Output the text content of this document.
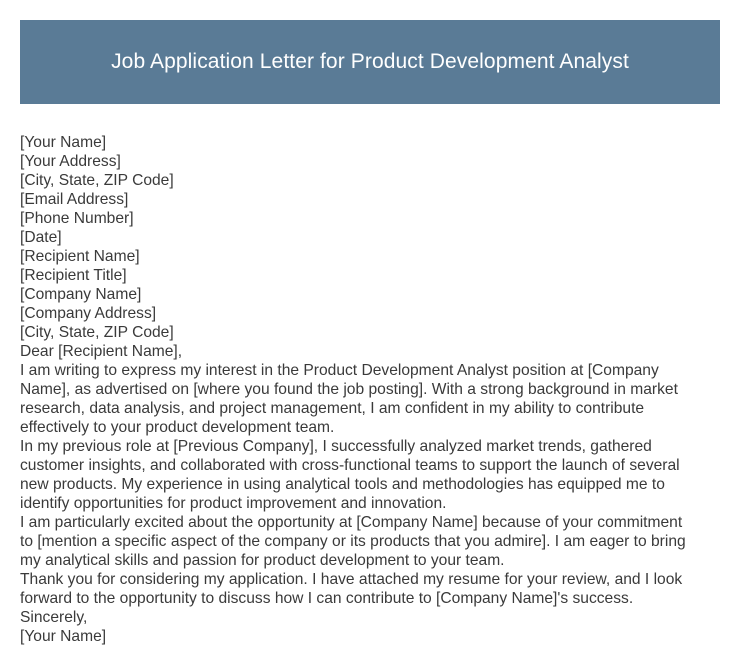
Job Application Letter for Product Development Analyst
[Your Name]
[Your Address]
[City, State, ZIP Code]
[Email Address]
[Phone Number]
[Date]
[Recipient Name]
[Recipient Title]
[Company Name]
[Company Address]
[City, State, ZIP Code]
Dear [Recipient Name],
I am writing to express my interest in the Product Development Analyst position at [Company
Name], as advertised on [where you found the job posting]. With a strong background in market
research, data analysis, and project management, I am confident in my ability to contribute
effectively to your product development team.
In my previous role at [Previous Company], I successfully analyzed market trends, gathered
customer insights, and collaborated with cross-functional teams to support the launch of several
new products. My experience in using analytical tools and methodologies has equipped me to
identify opportunities for product improvement and innovation.
I am particularly excited about the opportunity at [Company Name] because of your commitment
to [mention a specific aspect of the company or its products that you admire]. I am eager to bring
my analytical skills and passion for product development to your team.
Thank you for considering my application. I have attached my resume for your review, and I look
forward to the opportunity to discuss how I can contribute to [Company Name]'s success.
Sincerely,
[Your Name]
